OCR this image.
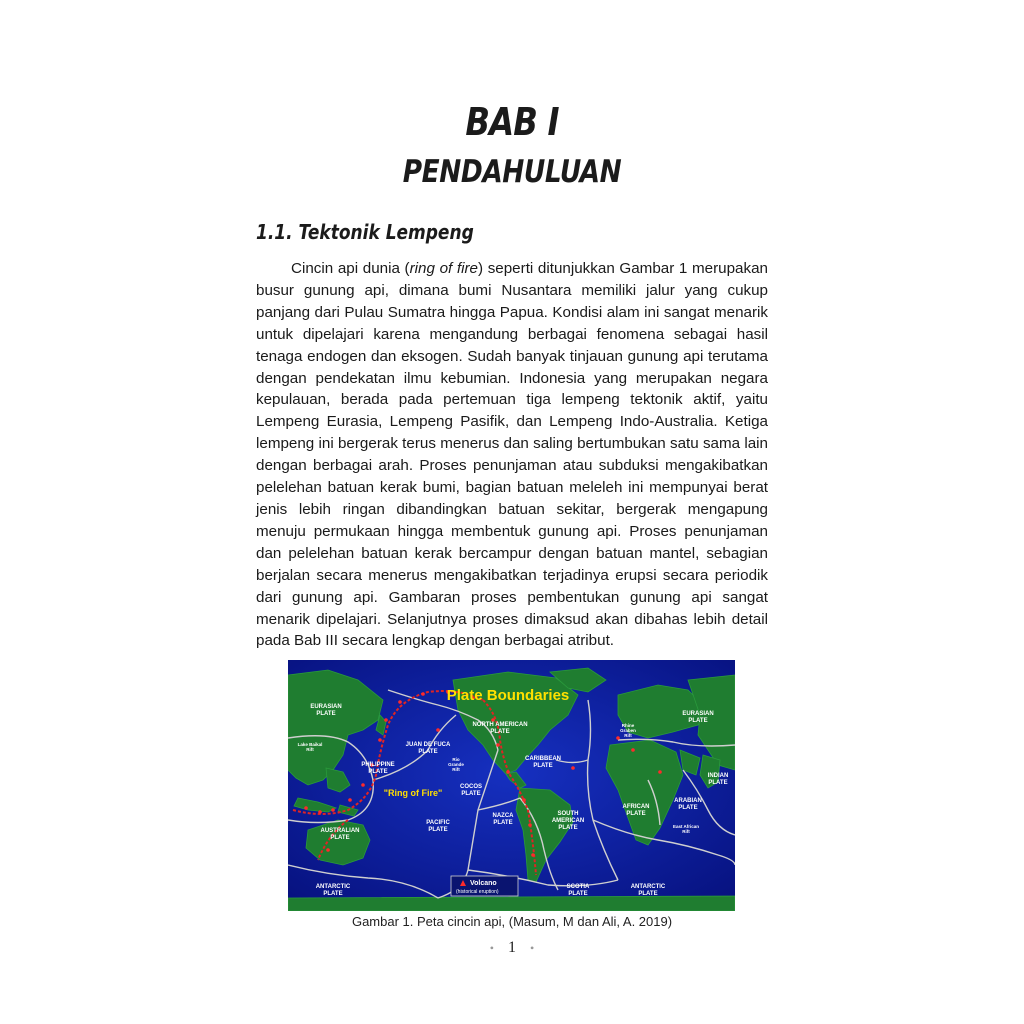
BAB I
PENDAHULUAN
1.1. Tektonik Lempeng

Cincin api dunia (ring of fire) seperti ditunjukkan Gambar 1 merupakan busur gunung api, dimana bumi Nusantara memiliki jalur yang cukup panjang dari Pulau Sumatra hingga Papua. Kondisi alam ini sangat menarik untuk dipelajari karena mengandung berbagai fenomena sebagai hasil tenaga endogen dan eksogen. Sudah banyak tinjauan gunung api terutama dengan pendekatan ilmu kebumian. Indonesia yang merupakan negara kepulauan, berada pada pertemuan tiga lempeng tektonik aktif, yaitu Lempeng Eurasia, Lempeng Pasifik, dan Lempeng Indo-Australia. Ketiga lempeng ini bergerak terus menerus dan saling bertumbukan satu sama lain dengan berbagai arah. Proses penunjaman atau subduksi mengakibatkan pelelehan batuan kerak bumi, bagian batuan meleleh ini mempunyai berat jenis lebih ringan dibandingkan batuan sekitar, bergerak mengapung menuju permukaan hingga membentuk gunung api. Proses penunjaman dan pelelehan batuan kerak bercampur dengan batuan mantel, sebagian berjalan secara menerus mengakibatkan terjadinya erupsi secara periodik dari gunung api. Gambaran proses pembentukan gunung api sangat menarik dipelajari. Selanjutnya proses dimaksud akan dibahas lebih detail pada Bab III secara lengkap dengan berbagai atribut.

Plate Boundaries
"Ring of Fire"
EURASIAN PLATE
Lake Baikal Rift
PHILIPPINE PLATE
AUSTRALIAN PLATE
ANTARCTIC PLATE
NORTH AMERICAN PLATE
JUAN DE FUCA PLATE
Rio Grande Rift
COCOS PLATE
PACIFIC PLATE
NAZCA PLATE
CARIBBEAN PLATE
SOUTH AMERICAN PLATE
SCOTIA PLATE
ANTARCTIC PLATE
Rhine Graben Rift
EURASIAN PLATE
AFRICAN PLATE
ARABIAN PLATE
East African Rift
INDIAN PLATE
Volcano
(historical eruption)
Gambar 1. Peta cincin api, (Masum, M dan Ali, A. 2019)
• 1 •
